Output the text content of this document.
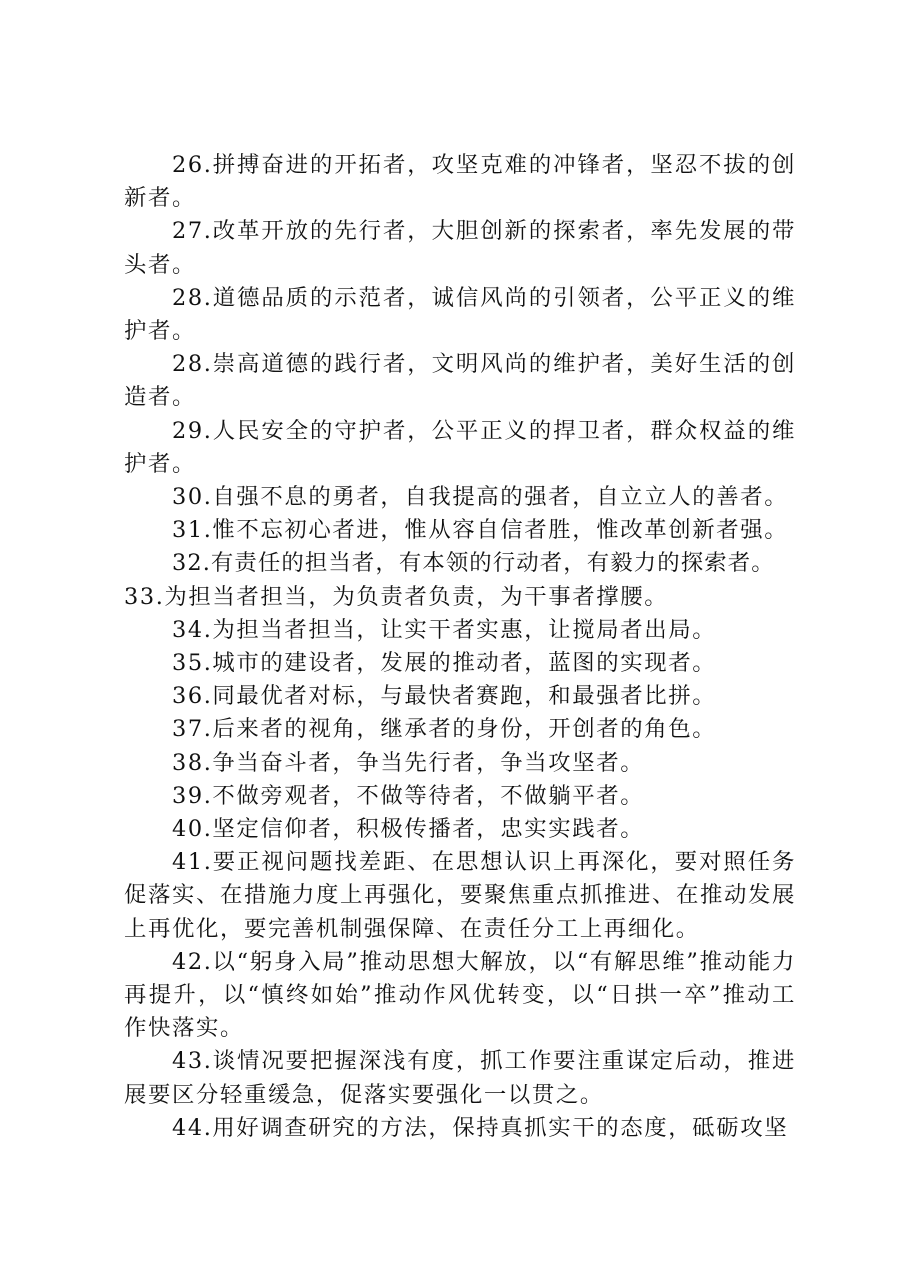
26.拼搏奋进的开拓者，攻坚克难的冲锋者，坚忍不拔的创新者。

27.改革开放的先行者，大胆创新的探索者，率先发展的带头者。

28.道德品质的示范者，诚信风尚的引领者，公平正义的维护者。

28.崇高道德的践行者，文明风尚的维护者，美好生活的创造者。

29.人民安全的守护者，公平正义的捍卫者，群众权益的维护者。

30.自强不息的勇者，自我提高的强者，自立立人的善者。

31.惟不忘初心者进，惟从容自信者胜，惟改革创新者强。

32.有责任的担当者，有本领的行动者，有毅力的探索者。

33.为担当者担当，为负责者负责，为干事者撑腰。

34.为担当者担当，让实干者实惠，让搅局者出局。

35.城市的建设者，发展的推动者，蓝图的实现者。

36.同最优者对标，与最快者赛跑，和最强者比拼。

37.后来者的视角，继承者的身份，开创者的角色。

38.争当奋斗者，争当先行者，争当攻坚者。

39.不做旁观者，不做等待者，不做躺平者。

40.坚定信仰者，积极传播者，忠实实践者。

41.要正视问题找差距、在思想认识上再深化，要对照任务促落实、在措施力度上再强化，要聚焦重点抓推进、在推动发展上再优化，要完善机制强保障、在责任分工上再细化。

42.以“躬身入局”推动思想大解放，以“有解思维”推动能力再提升，以“慎终如始”推动作风优转变，以“日拱一卒”推动工作快落实。

43.谈情况要把握深浅有度，抓工作要注重谋定后动，推进展要区分轻重缓急，促落实要强化一以贯之。

44.用好调查研究的方法，保持真抓实干的态度，砥砺攻坚
